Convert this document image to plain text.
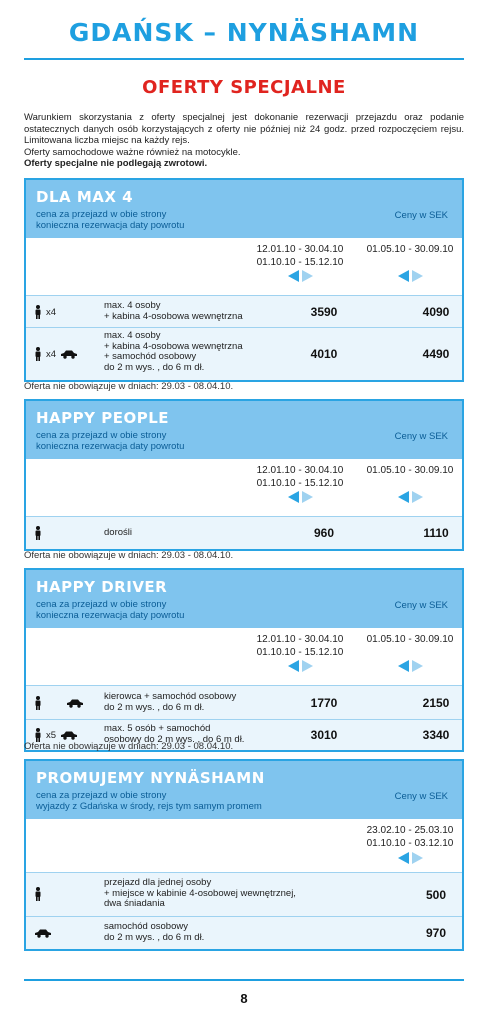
GDAŃSK – NYNÄSHAMN
OFERTY SPECJALNE
Warunkiem skorzystania z oferty specjalnej jest dokonanie rezerwacji przejazdu oraz podanie ostatecznych danych osób korzystających z oferty nie później niż 24 godz. przed rozpoczęciem rejsu. Limitowana liczba miejsc na każdy rejs.
Oferty samochodowe ważne również na motocykle.
Oferty specjalne nie podlegają zwrotowi.
DLA MAX 4
cena za przejazd w obie strony
konieczna rezerwacja daty powrotu
Ceny w SEK
12.01.10 - 30.04.10
01.10.10 - 15.12.10
01.05.10 - 30.09.10
x4
max. 4 osoby
+ kabina 4-osobowa wewnętrzna	3590	4090
x4
max. 4 osoby
+ kabina 4-osobowa wewnętrzna
+ samochód osobowy
do 2 m wys. , do 6 m dł.
4010	4490
Oferta nie obowiązuje w dniach: 29.03 - 08.04.10.
HAPPY PEOPLE
cena za przejazd w obie strony
konieczna rezerwacja daty powrotu
Ceny w SEK
12.01.10 - 30.04.10
01.10.10 - 15.12.10
01.05.10 - 30.09.10
dorośli	960	1110
Oferta nie obowiązuje w dniach: 29.03 - 08.04.10.
HAPPY DRIVER
cena za przejazd w obie strony
konieczna rezerwacja daty powrotu
Ceny w SEK
12.01.10 - 30.04.10
01.10.10 - 15.12.10
01.05.10 - 30.09.10
kierowca + samochód osobowy
do 2 m wys. , do 6 m dł.	1770	2150
x5
max. 5 osób + samochód
osobowy do 2 m wys. , do 6 m dł.	3010	3340
Oferta nie obowiązuje w dniach: 29.03 - 08.04.10.
PROMUJEMY NYNÄSHAMN
cena za przejazd w obie strony
wyjazdy z Gdańska w środy, rejs tym samym promem
Ceny w SEK
23.02.10 - 25.03.10
01.10.10 - 03.12.10
przejazd dla jednej osoby
+ miejsce w kabinie 4-osobowej wewnętrznej,
dwa śniadania
500
samochód osobowy
do 2 m wys. , do 6 m dł.	970
8
